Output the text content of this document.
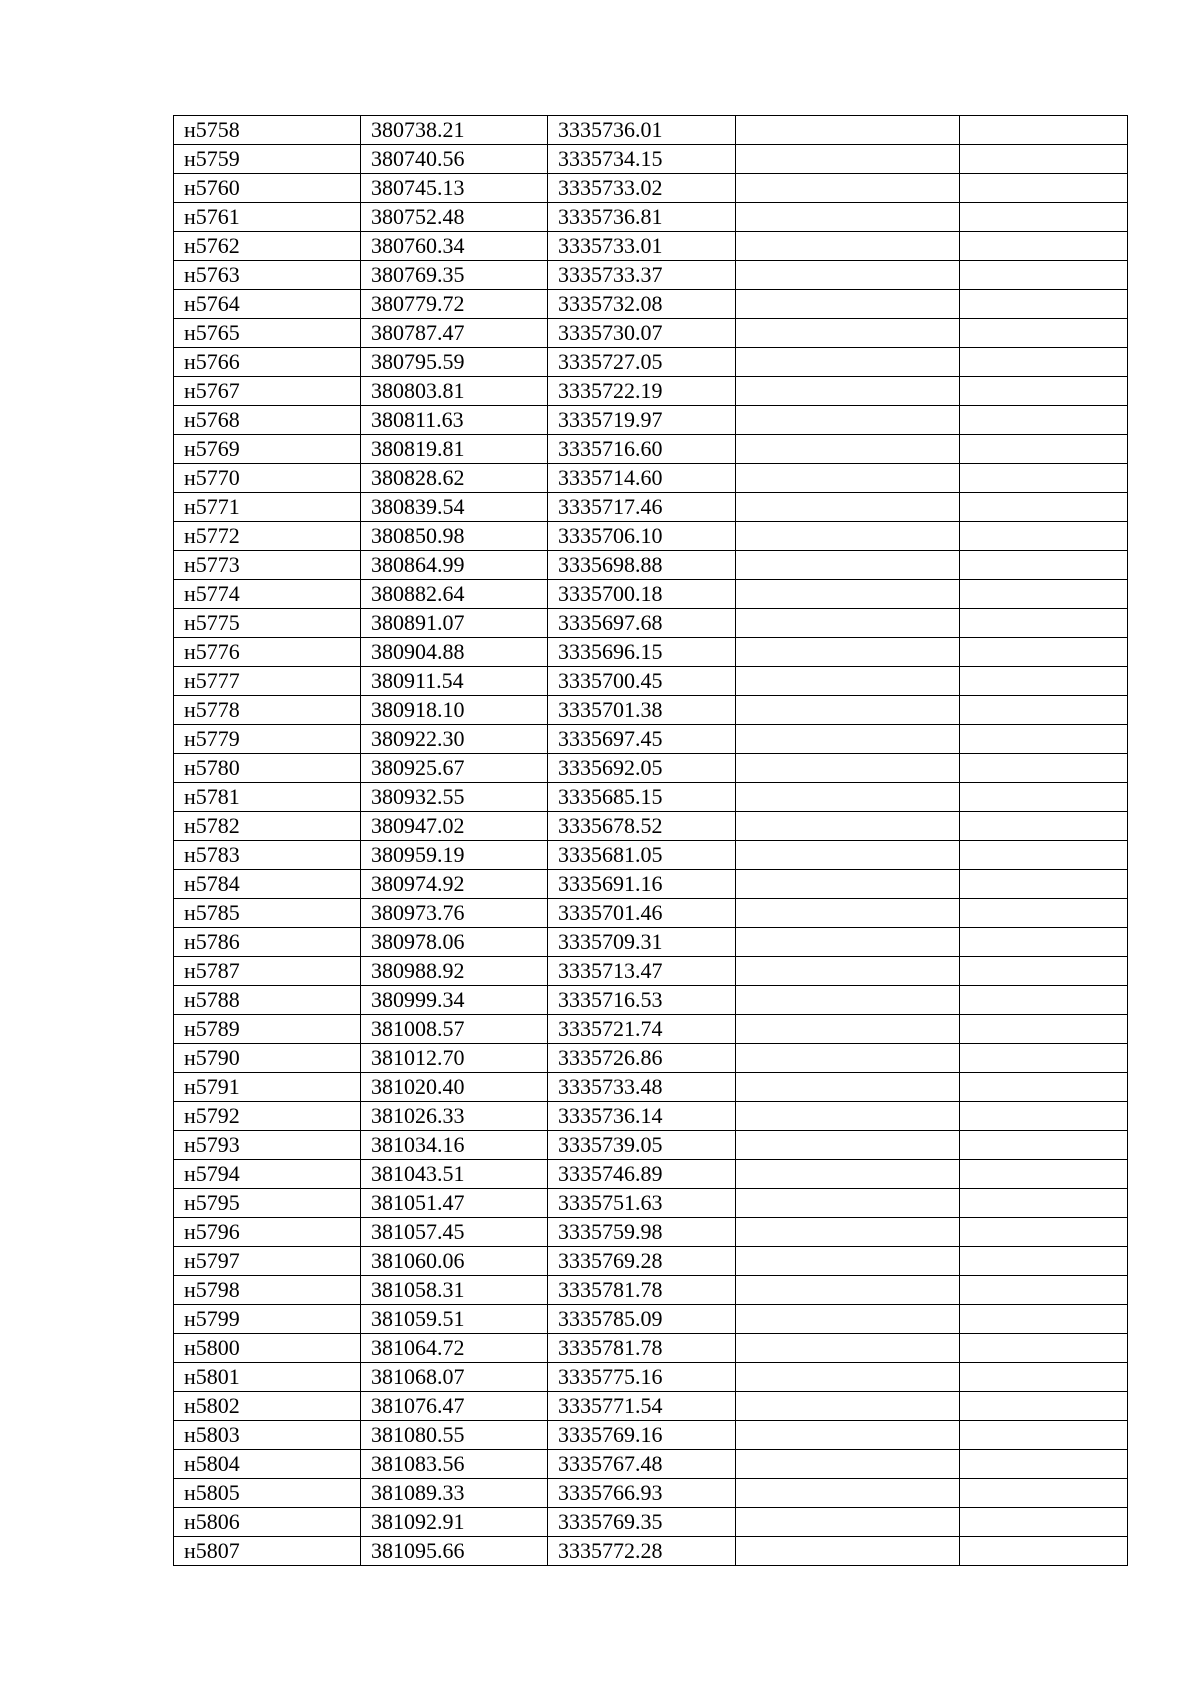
н5758	380738.21	3335736.01		
н5759	380740.56	3335734.15		
н5760	380745.13	3335733.02		
н5761	380752.48	3335736.81		
н5762	380760.34	3335733.01		
н5763	380769.35	3335733.37		
н5764	380779.72	3335732.08		
н5765	380787.47	3335730.07		
н5766	380795.59	3335727.05		
н5767	380803.81	3335722.19		
н5768	380811.63	3335719.97		
н5769	380819.81	3335716.60		
н5770	380828.62	3335714.60		
н5771	380839.54	3335717.46		
н5772	380850.98	3335706.10		
н5773	380864.99	3335698.88		
н5774	380882.64	3335700.18		
н5775	380891.07	3335697.68		
н5776	380904.88	3335696.15		
н5777	380911.54	3335700.45		
н5778	380918.10	3335701.38		
н5779	380922.30	3335697.45		
н5780	380925.67	3335692.05		
н5781	380932.55	3335685.15		
н5782	380947.02	3335678.52		
н5783	380959.19	3335681.05		
н5784	380974.92	3335691.16		
н5785	380973.76	3335701.46		
н5786	380978.06	3335709.31		
н5787	380988.92	3335713.47		
н5788	380999.34	3335716.53		
н5789	381008.57	3335721.74		
н5790	381012.70	3335726.86		
н5791	381020.40	3335733.48		
н5792	381026.33	3335736.14		
н5793	381034.16	3335739.05		
н5794	381043.51	3335746.89		
н5795	381051.47	3335751.63		
н5796	381057.45	3335759.98		
н5797	381060.06	3335769.28		
н5798	381058.31	3335781.78		
н5799	381059.51	3335785.09		
н5800	381064.72	3335781.78		
н5801	381068.07	3335775.16		
н5802	381076.47	3335771.54		
н5803	381080.55	3335769.16		
н5804	381083.56	3335767.48		
н5805	381089.33	3335766.93		
н5806	381092.91	3335769.35		
н5807	381095.66	3335772.28		
